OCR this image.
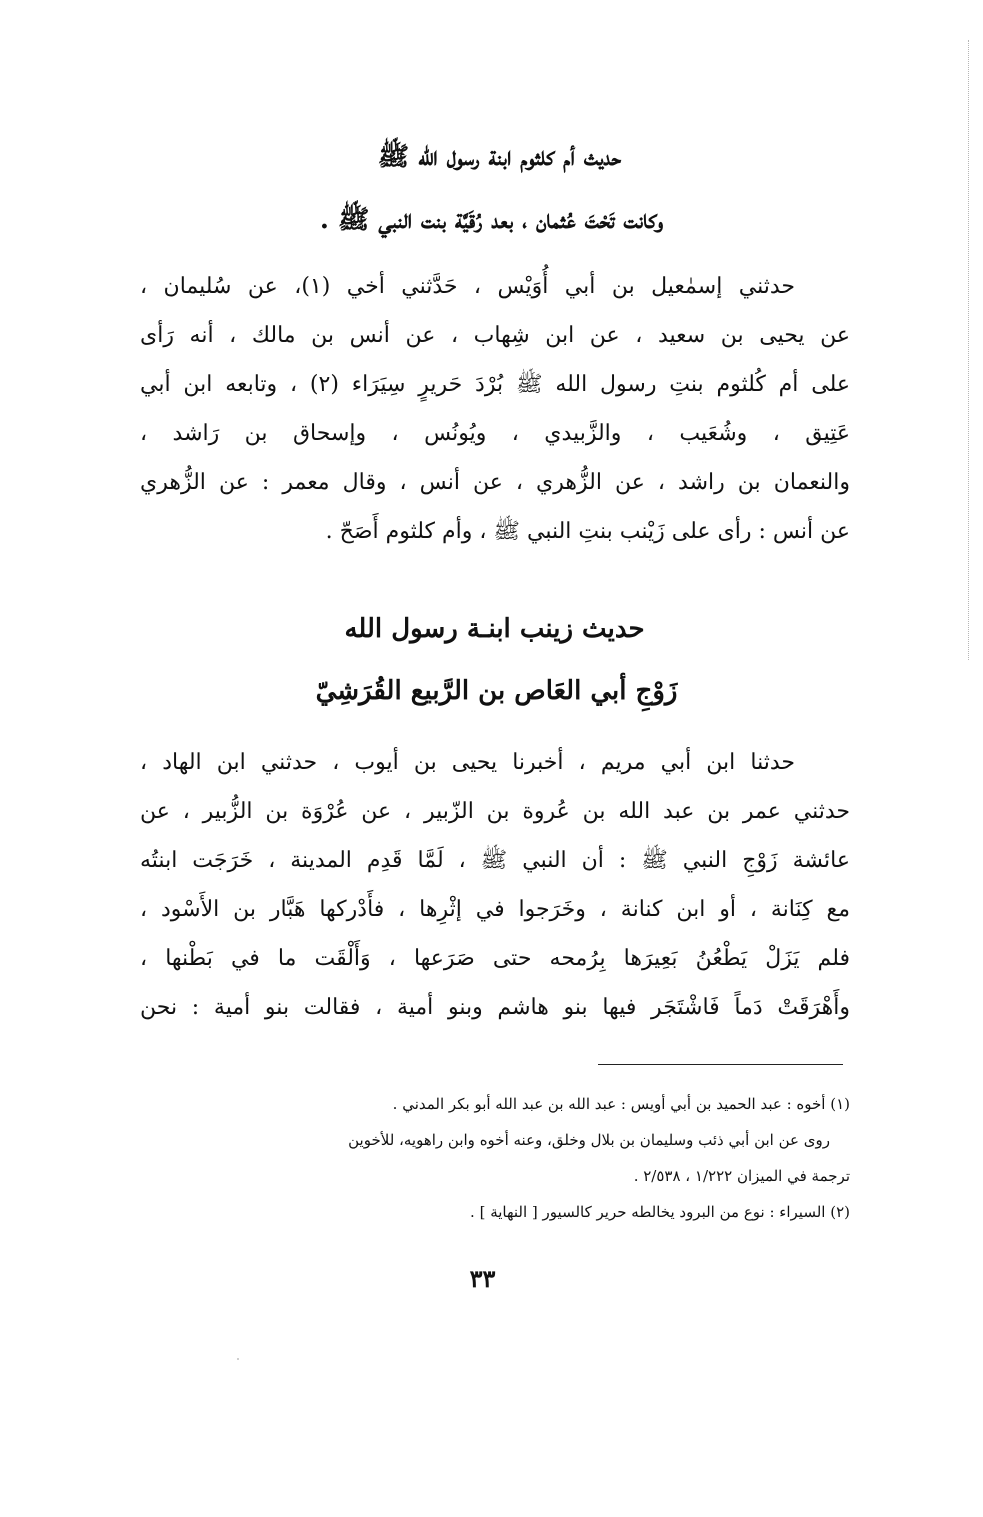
حديث أم كلثوم ابنة رسول الله ﷺ
وكانت تَحْتَ عُثمان ، بعد رُقَيَّة بنت النبي ﷺ .
حدثني إسمٰعيل بن أبي أُوَيْس ، حَدَّثني أخي (١)، عن سُليمان ،
عن يحيى بن سعيد ، عن ابن شِهاب ، عن أنس بن مالك ، أنه رَأى
على أم كُلثوم بنتِ رسول الله ﷺ بُرْدَ حَريرٍ سِيَرَاء (٢) ، وتابعه ابن أبي
عَتِيق ، وشُعَيب ، والزَّبيدي ، ويُونُس ، وإسحاق بن رَاشد ،
والنعمان بن راشد ، عن الزُّهري ، عن أنس ، وقال معمر : عن الزُّهري
عن أنس : رأى على زَيْنب بنتِ النبي ﷺ ، وأم كلثوم أَصَحّ .
حديث زينب ابنـة رسول الله
زَوْجِ أبي العَاص بن الرَّبيع القُرَشِيّ
حدثنا ابن أبي مريم ، أخبرنا يحيى بن أيوب ، حدثني ابن الهاد ،
حدثني عمر بن عبد الله بن عُروة بن الزّبير ، عن عُرْوَة بن الزُّبير ، عن
عائشة زَوْجِ النبي ﷺ : أن النبي ﷺ ، لَمَّا قَدِم المدينة ، خَرَجَت ابنتُه
مع كِنَانة ، أو ابن كنانة ، وخَرَجوا في إثْرِها ، فأَدْركها هَبَّار بن الأَسْود ،
فلم يَزَلْ يَطْعُنُ بَعِيرَها بِرُمحه حتى صَرَعها ، وَأَلْقَت ما في بَطْنها ،
وأَهْرَقَتْ دَماً فَاشْتَجَر فيها بنو هاشم وبنو أمية ، فقالت بنو أمية : نحن
(١) أخوه : عبد الحميد بن أبي أويس : عبد الله بن عبد الله أبو بكر المدني .
روى عن ابن أبي ذئب وسليمان بن بلال وخلق، وعنه أخوه وابن راهويه، للأخوين
ترجمة في الميزان ١/٢٢٢ ، ٢/٥٣٨ .
(٢) السيراء : نوع من البرود يخالطه حرير كالسيور [ النهاية ] .
٣٣
